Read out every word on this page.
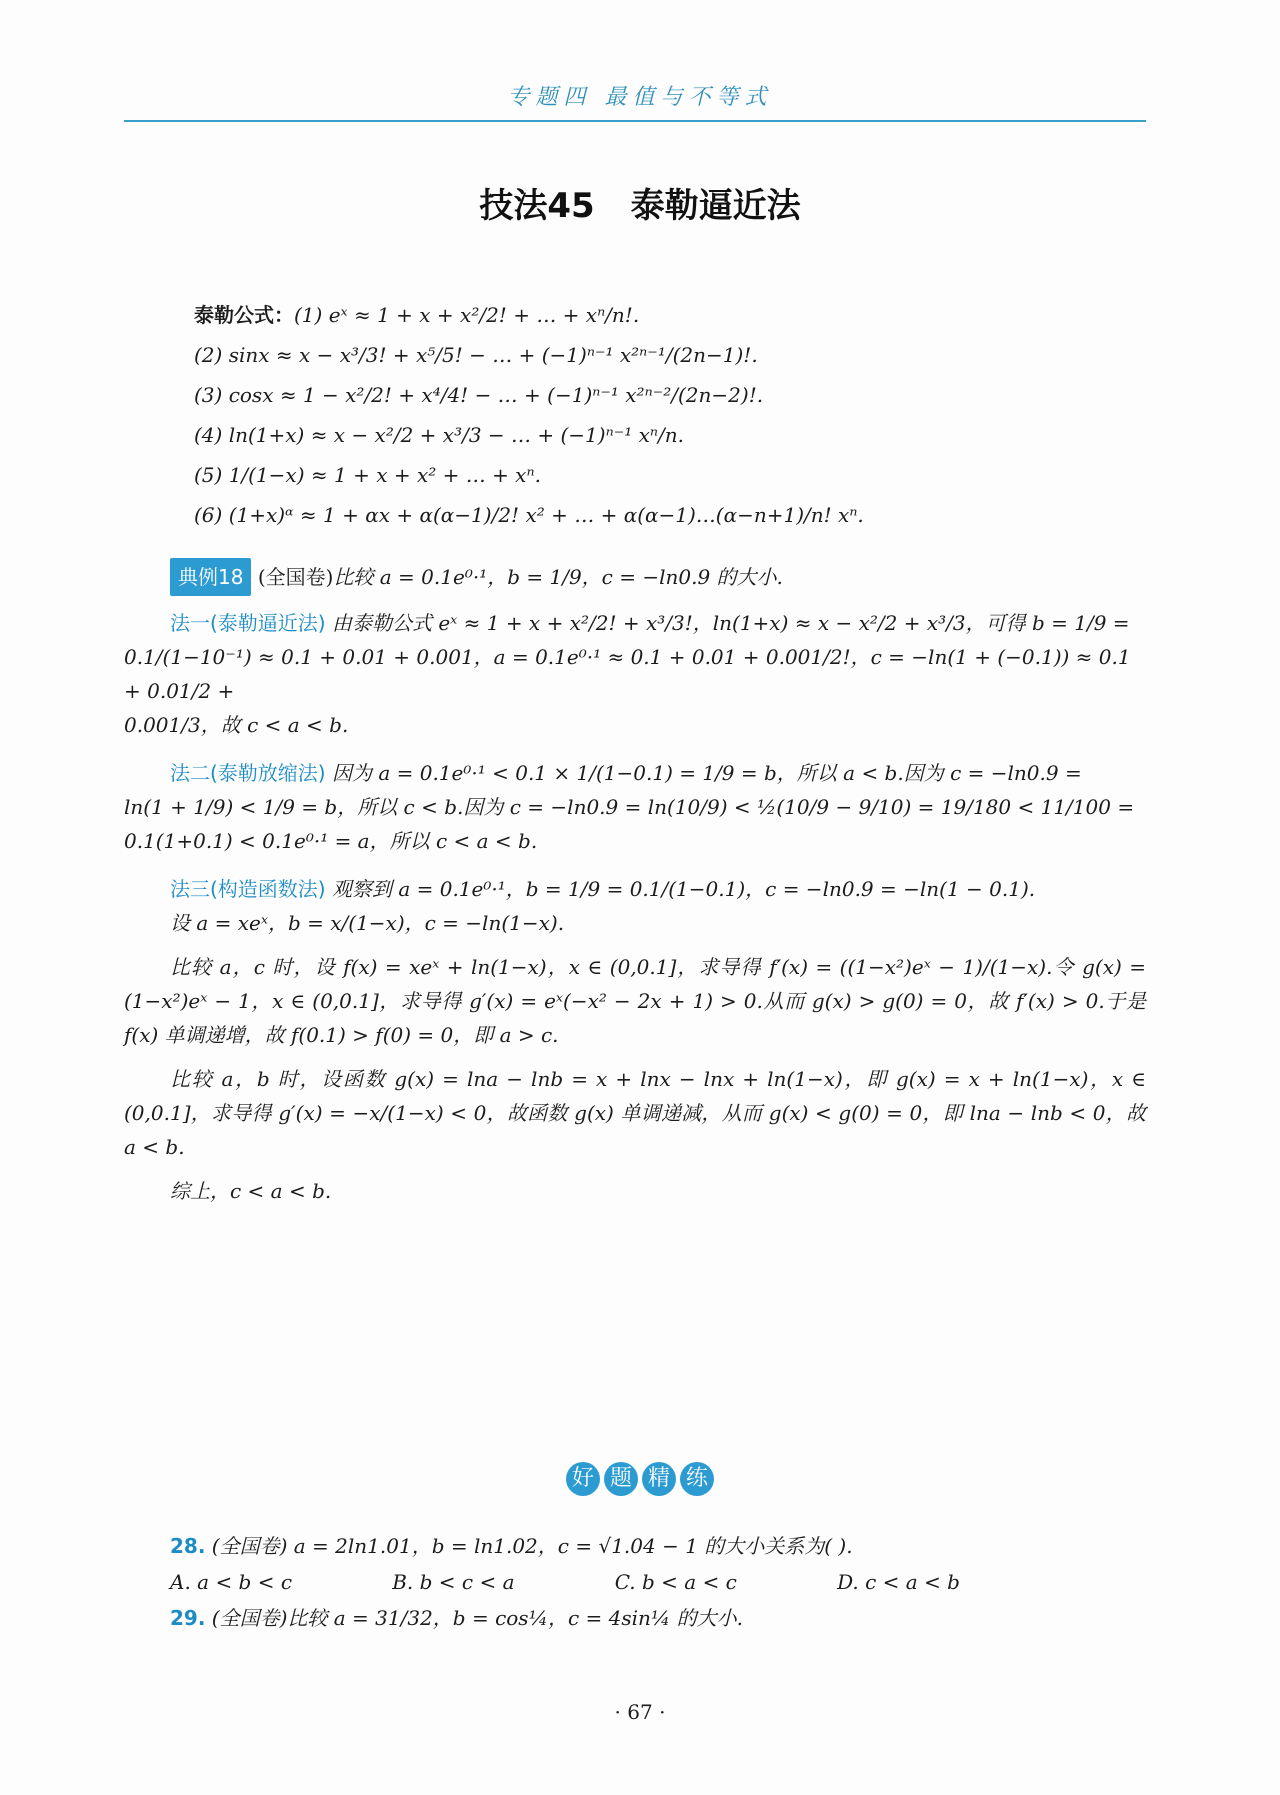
专题四 最值与不等式
技法45 泰勒逼近法

泰勒公式：(1) eˣ ≈ 1 + x + x²/2! + … + xⁿ/n!.

(2) sinx ≈ x − x³/3! + x⁵/5! − … + (−1)ⁿ⁻¹ x²ⁿ⁻¹/(2n−1)!.

(3) cosx ≈ 1 − x²/2! + x⁴/4! − … + (−1)ⁿ⁻¹ x²ⁿ⁻²/(2n−2)!.

(4) ln(1+x) ≈ x − x²/2 + x³/3 − … + (−1)ⁿ⁻¹ xⁿ/n.

(5) 1/(1−x) ≈ 1 + x + x² + … + xⁿ.

(6) (1+x)ᵅ ≈ 1 + αx + α(α−1)/2! x² + … + α(α−1)…(α−n+1)/n! xⁿ.

典例18 (全国卷)比较 a = 0.1e⁰·¹，b = 1/9，c = −ln0.9 的大小.

法一(泰勒逼近法) 由泰勒公式 eˣ ≈ 1 + x + x²/2! + x³/3!，ln(1+x) ≈ x − x²/2 + x³/3，可得 b = 1/9 =

0.1/(1−10⁻¹) ≈ 0.1 + 0.01 + 0.001，a = 0.1e⁰·¹ ≈ 0.1 + 0.01 + 0.001/2!，c = −ln(1 + (−0.1)) ≈ 0.1 + 0.01/2 +

0.001/3，故 c < a < b.

法二(泰勒放缩法) 因为 a = 0.1e⁰·¹ < 0.1 × 1/(1−0.1) = 1/9 = b，所以 a < b.因为 c = −ln0.9 =

ln(1 + 1/9) < 1/9 = b，所以 c < b.因为 c = −ln0.9 = ln(10/9) < ½(10/9 − 9/10) = 19/180 < 11/100 =

0.1(1+0.1) < 0.1e⁰·¹ = a，所以 c < a < b.

法三(构造函数法) 观察到 a = 0.1e⁰·¹，b = 1/9 = 0.1/(1−0.1)，c = −ln0.9 = −ln(1 − 0.1).

设 a = xeˣ，b = x/(1−x)，c = −ln(1−x).

比较 a，c 时，设 f(x) = xeˣ + ln(1−x)，x ∈ (0,0.1]，求导得 f′(x) = ((1−x²)eˣ − 1)/(1−x).令 g(x) = (1−x²)eˣ − 1，x ∈ (0,0.1]，求导得 g′(x) = eˣ(−x² − 2x + 1) > 0.从而 g(x) > g(0) = 0，故 f′(x) > 0.于是 f(x) 单调递增，故 f(0.1) > f(0) = 0，即 a > c.

比较 a，b 时，设函数 g(x) = lna − lnb = x + lnx − lnx + ln(1−x)，即 g(x) = x + ln(1−x)，x ∈ (0,0.1]，求导得 g′(x) = −x/(1−x) < 0，故函数 g(x) 单调递减，从而 g(x) < g(0) = 0，即 lna − lnb < 0，故 a < b.

综上，c < a < b.

好 题 精 练

28. (全国卷) a = 2ln1.01，b = ln1.02，c = √1.04 − 1 的大小关系为( ).

A. a < b < c	B. b < c < a	C. b < a < c	D. c < a < b

29. (全国卷)比较 a = 31/32，b = cos¼，c = 4sin¼ 的大小.

· 67 ·
